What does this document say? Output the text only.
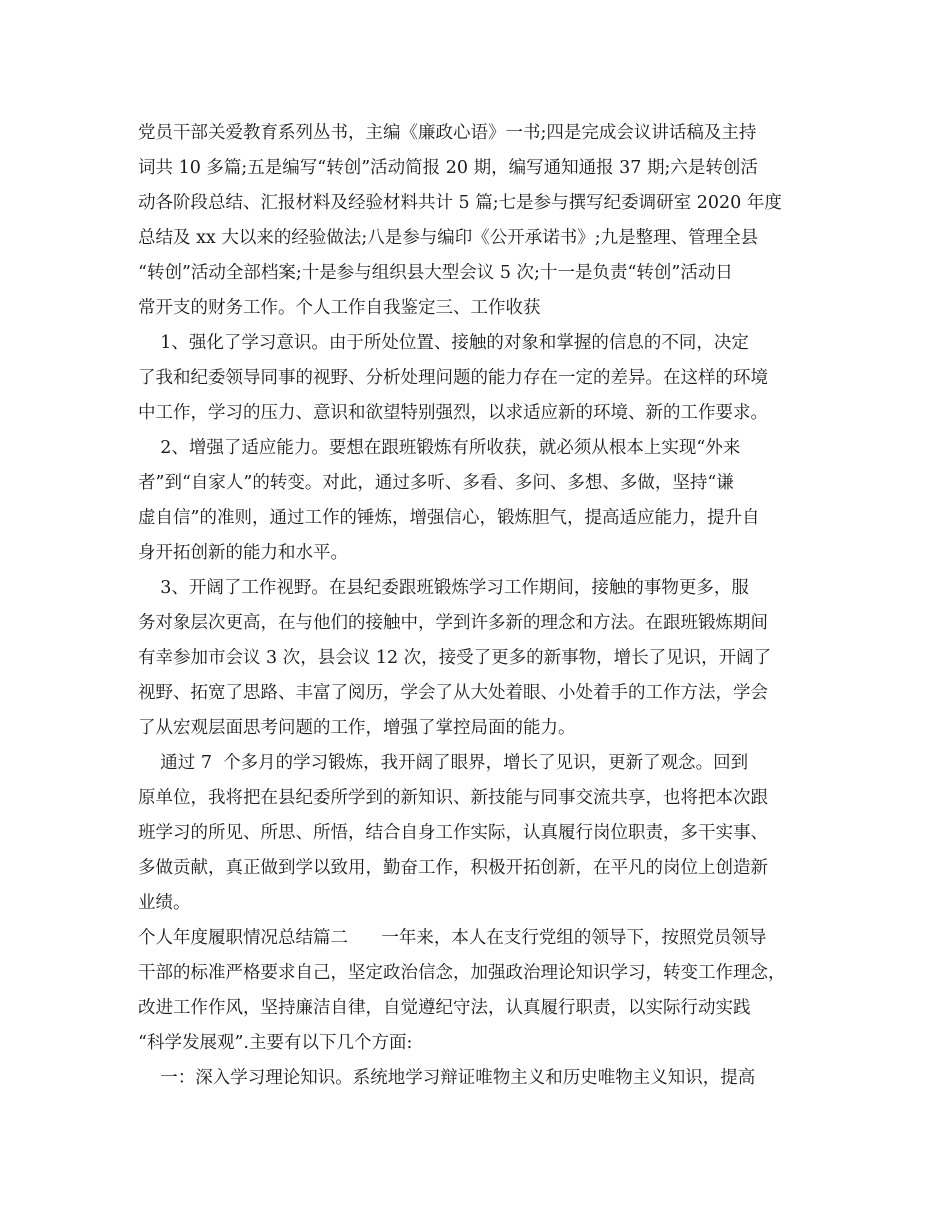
党员干部关爱教育系列丛书，主编《廉政心语》一书;四是完成会议讲话稿及主持
词共 10 多篇;五是编写“转创”活动简报 20 期，编写通知通报 37 期;六是转创活
动各阶段总结、汇报材料及经验材料共计 5 篇;七是参与撰写纪委调研室 2020 年度
总结及 xx 大以来的经验做法;八是参与编印《公开承诺书》;九是整理、管理全县
“转创”活动全部档案;十是参与组织县大型会议 5 次;十一是负责“转创”活动日
常开支的财务工作。个人工作自我鉴定三、工作收获
1、强化了学习意识。由于所处位置、接触的对象和掌握的信息的不同，决定
了我和纪委领导同事的视野、分析处理问题的能力存在一定的差异。在这样的环境
中工作，学习的压力、意识和欲望特别强烈，以求适应新的环境、新的工作要求。
2、增强了适应能力。要想在跟班锻炼有所收获，就必须从根本上实现“外来
者”到“自家人”的转变。对此，通过多听、多看、多问、多想、多做，坚持“谦
虚自信”的准则，通过工作的锤炼，增强信心，锻炼胆气，提高适应能力，提升自
身开拓创新的能力和水平。
3、开阔了工作视野。在县纪委跟班锻炼学习工作期间，接触的事物更多，服
务对象层次更高，在与他们的接触中，学到许多新的理念和方法。在跟班锻炼期间
有幸参加市会议 3 次，县会议 12 次，接受了更多的新事物，增长了见识，开阔了
视野、拓宽了思路、丰富了阅历，学会了从大处着眼、小处着手的工作方法，学会
了从宏观层面思考问题的工作，增强了掌控局面的能力。
通过 7  个多月的学习锻炼，我开阔了眼界，增长了见识，更新了观念。回到
原单位，我将把在县纪委所学到的新知识、新技能与同事交流共享，也将把本次跟
班学习的所见、所思、所悟，结合自身工作实际，认真履行岗位职责，多干实事、
多做贡献，真正做到学以致用，勤奋工作，积极开拓创新，在平凡的岗位上创造新
业绩。
个人年度履职情况总结篇二      一年来，本人在支行党组的领导下，按照党员领导
干部的标准严格要求自己，坚定政治信念，加强政治理论知识学习，转变工作理念，
改进工作作风，坚持廉洁自律，自觉遵纪守法，认真履行职责，以实际行动实践
“科学发展观”.主要有以下几个方面:
一：深入学习理论知识。系统地学习辩证唯物主义和历史唯物主义知识，提高
